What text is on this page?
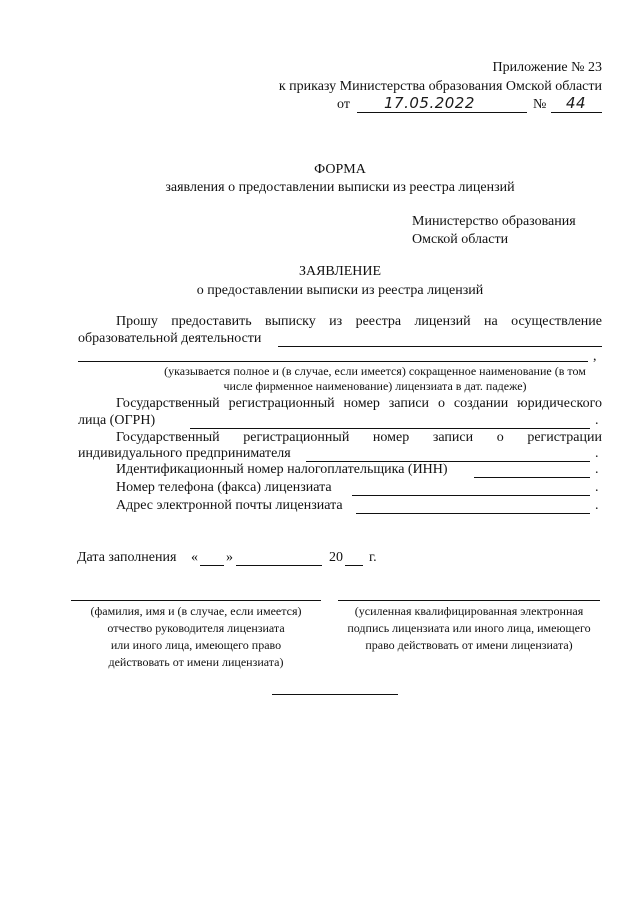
Приложение № 23
к приказу Министерства образования Омской области
от 17.05.2022	№ 44
ФОРМА
заявления о предоставлении выписки из реестра лицензий
Министерство образования
Омской области
ЗАЯВЛЕНИЕ
о предоставлении выписки из реестра лицензий
Прошу предоставить выписку из реестра лицензий на осуществление
образовательной деятельности
,
(указывается полное и (в случае, если имеется) сокращенное наименование (в том
числе фирменное наименование) лицензиата в дат. падеже)
Государственный регистрационный номер записи о создании юридического
лица (ОГРН)	.
Государственный регистрационный номер записи о регистрации
индивидуального предпринимателя	.
Идентификационный номер налогоплательщика (ИНН)	.
Номер телефона (факса) лицензиата	.
Адрес электронной почты лицензиата	.
Дата заполнения « »	20 г.
(фамилия, имя и (в случае, если имеется)
отчество руководителя лицензиата
или иного лица, имеющего право
действовать от имени лицензиата)
(усиленная квалифицированная электронная
подпись лицензиата или иного лица, имеющего
право действовать от имени лицензиата)
